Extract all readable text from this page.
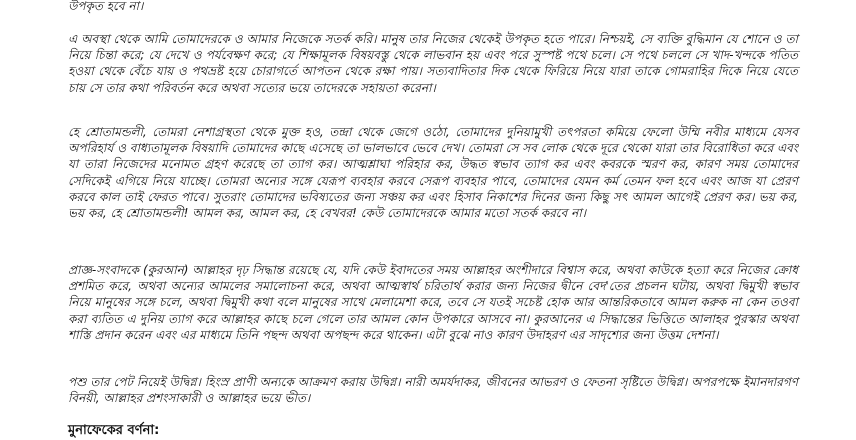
উপকৃত হবে না।

এ অবস্থা থেকে আমি তোমাদেরকে ও আমার নিজেকে সতর্ক করি। মানুষ তার নিজের থেকেই উপকৃত হতে পারে। নিশ্চয়ই, সে ব্যক্তি বুদ্ধিমান যে শোনে ও তা নিয়ে চিন্তা করে; যে দেখে ও পর্যবেক্ষণ করে; যে শিক্ষামূলক বিষয়বস্তু থেকে লাভবান হয় এবং পরে সুস্পষ্ট পথে চলে। সে পথে চললে সে খাদ-খন্দকে পতিত হওয়া থেকে বেঁচে যায় ও পথভ্রষ্ট হয়ে চোরাগর্তে আপতন থেকে রক্ষা পায়। সত্যবাদিতার দিক থেকে ফিরিয়ে নিয়ে যারা তাকে গোমরাহির দিকে নিয়ে যেতে চায় সে তার কথা পরিবর্তন করে অথবা সত্যের ভয়ে তাদেরকে সহায়তা করেনা।

হে শ্রোতামন্ডলী, তোমরা নেশাগ্রস্থতা থেকে মুক্ত হও, তন্দ্রা থেকে জেগে ওঠো, তোমাদের দুনিয়ামুখী তৎপরতা কমিয়ে ফেলো উম্মি নবীর মাধ্যমে যেসব অপরিহার্য ও বাধ্যতামূলক বিষয়াদি তোমাদের কাছে এসেছে তা ভালভাবে ভেবে দেখ। তোমরা সে সব লোক থেকে দূরে থেকো যারা তার বিরোধিতা করে এবং যা তারা নিজেদের মনোমত গ্রহণ করেছে তা ত্যাগ কর। আত্মশ্লাঘা পরিহার কর, উদ্ধত স্বভাব ত্যাগ কর এবং কবরকে স্মরণ কর, কারণ সময় তোমাদের সেদিকেই এগিয়ে নিয়ে যাচ্ছে। তোমরা অন্যের সঙ্গে যেরূপ ব্যবহার করবে সেরূপ ব্যবহার পাবে, তোমাদের যেমন কর্ম তেমন ফল হবে এবং আজ যা প্রেরণ করবে কাল তাই ফেরত পাবে। সুতরাং তোমাদের ভবিষ্যতের জন্য সঞ্চয় কর এবং হিসাব নিকাশের দিনের জন্য কিছু সৎ আমল আগেই প্রেরণ কর। ভয় কর, ভয় কর, হে শ্রোতামন্ডলী! আমল কর, আমল কর, হে বেখবর! কেউ তোমাদেরকে আমার মতো সতর্ক করবে না।

প্রাজ্ঞ-সংবাদকে (কুরআন) আল্লাহর দৃঢ় সিদ্ধান্ত রয়েছে যে, যদি কেউ ইবাদতের সময় আল্লাহর অংশীদারে বিশ্বাস করে, অথবা কাউকে হত্যা করে নিজের ক্রোধ প্রশমিত করে, অথবা অন্যের আমলের সমালোচনা করে, অথবা আত্মস্বার্থ চরিতার্থ করার জন্য নিজের দ্বীনে বেদ'তের প্রচলন ঘটায়, অথবা দ্বিমুখী স্বভাব নিয়ে মানুষের সঙ্গে চলে, অথবা দ্বিমুখী কথা বলে মানুষের সাথে মেলামেশা করে, তবে সে যতই সচেষ্ট হোক আর আন্তরিকতাবে আমল করুক না কেন তওবা করা ব্যতিত এ দুনিয় ত্যাগ করে আল্লাহর কাছে চলে গেলে তার আমল কোন উপকারে আসবে না। কুরআনের এ সিদ্ধান্তের ভিত্তিতে আলাহর পুরস্কার অথবা শাস্তি প্রদান করেন এবং এর মাধ্যমে তিনি পছন্দ অথবা অপছন্দ করে থাকেন। এটা বুঝে নাও কারণ উদাহরণ এর সাদৃশ্যের জন্য উত্তম দেশনা।

পশু তার পেট নিয়েই উদ্বিগ্ন। হিংস্র প্রাণী অন্যকে আক্রমণ করায় উদ্বিগ্ন। নারী অমর্যদাকর, জীবনের আভরণ ও ফেতনা সৃষ্টিতে উদ্বিগ্ন। অপরপক্ষে ইমানদারগণ বিনয়ী, আল্লাহর প্রশংসাকারী ও আল্লাহর ভয়ে ভীত।

মুনাফেকের বর্ণনা:
